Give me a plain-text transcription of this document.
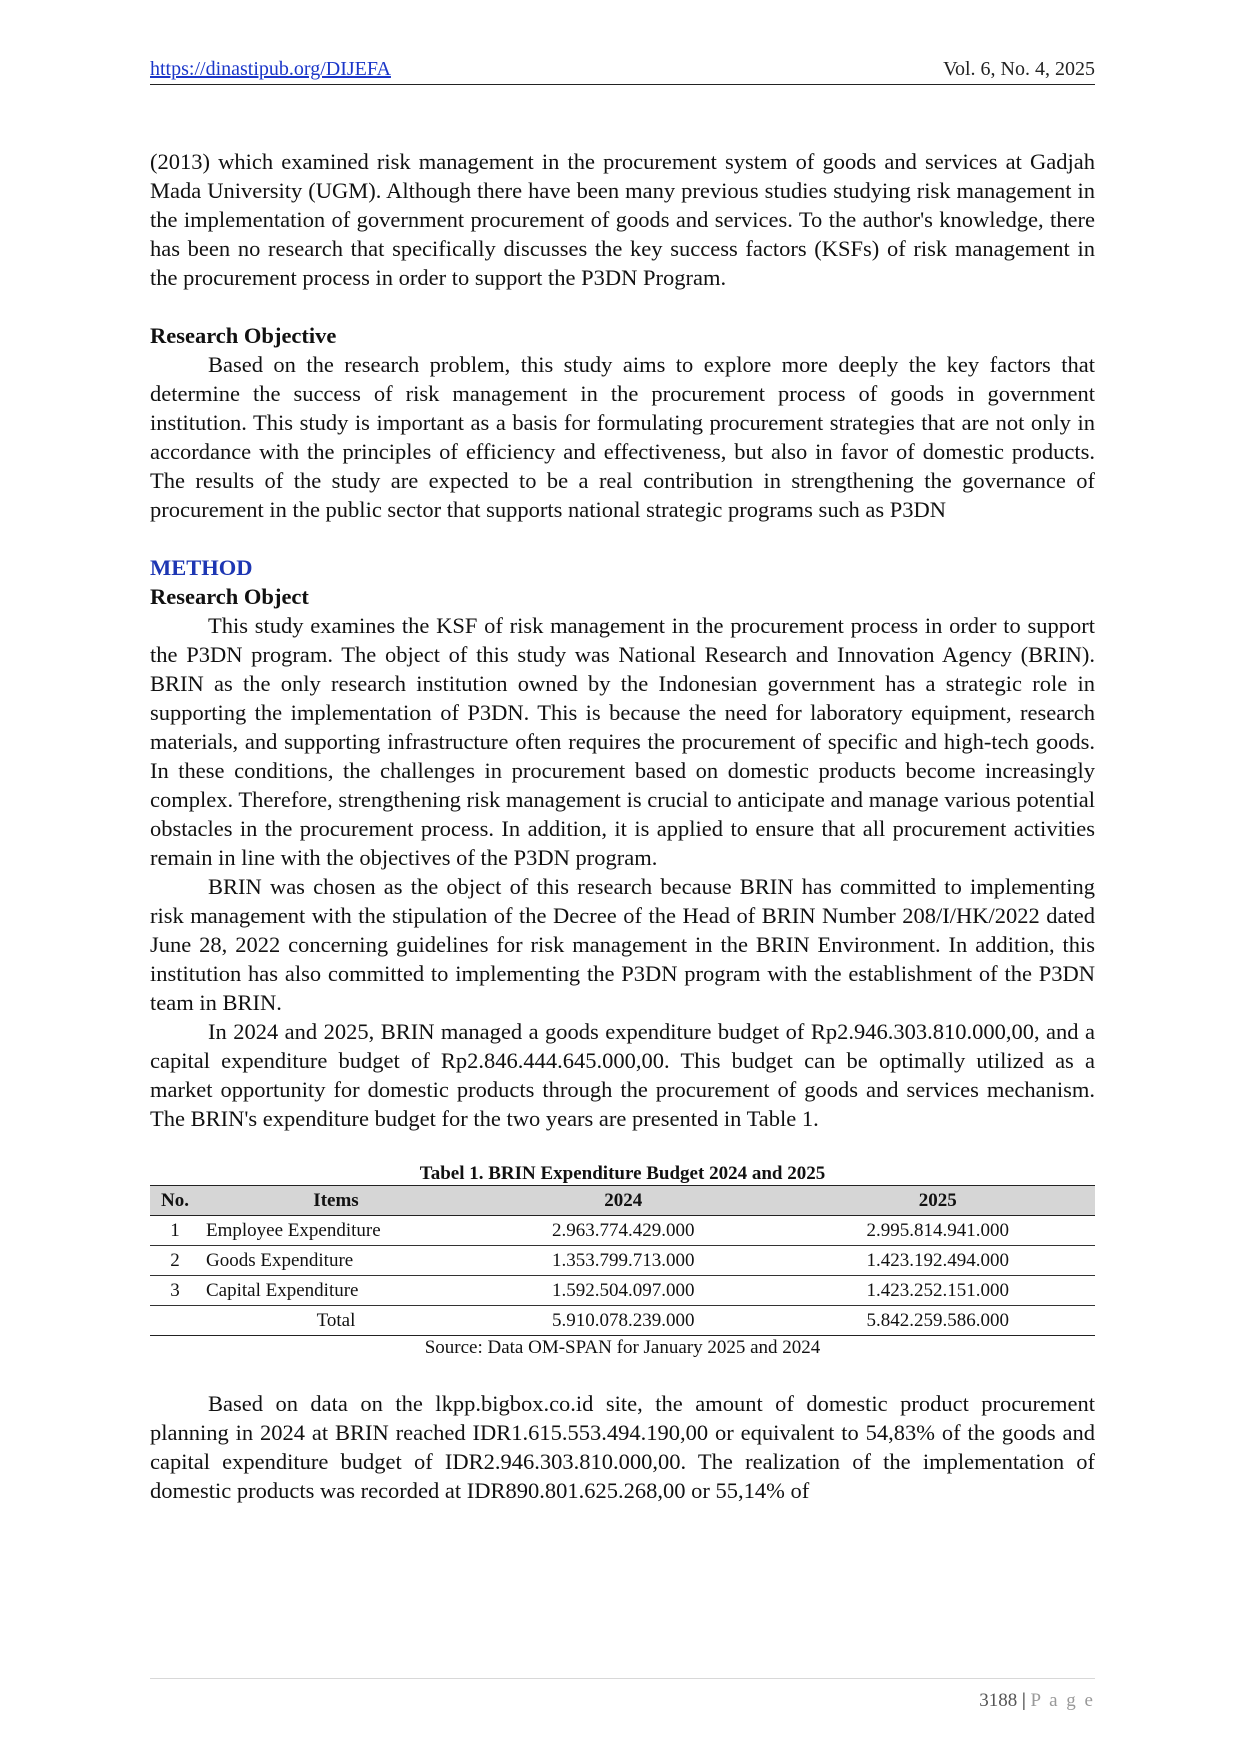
https://dinastipub.org/DIJEFA	Vol. 6, No. 4, 2025

(2013) which examined risk management in the procurement system of goods and services at Gadjah Mada University (UGM). Although there have been many previous studies studying risk management in the implementation of government procurement of goods and services. To the author's knowledge, there has been no research that specifically discusses the key success factors (KSFs) of risk management in the procurement process in order to support the P3DN Program.

Research Objective

Based on the research problem, this study aims to explore more deeply the key factors that determine the success of risk management in the procurement process of goods in government institution. This study is important as a basis for formulating procurement strategies that are not only in accordance with the principles of efficiency and effectiveness, but also in favor of domestic products. The results of the study are expected to be a real contribution in strengthening the governance of procurement in the public sector that supports national strategic programs such as P3DN

METHOD

Research Object

This study examines the KSF of risk management in the procurement process in order to support the P3DN program. The object of this study was National Research and Innovation Agency (BRIN). BRIN as the only research institution owned by the Indonesian government has a strategic role in supporting the implementation of P3DN. This is because the need for laboratory equipment, research materials, and supporting infrastructure often requires the procurement of specific and high-tech goods. In these conditions, the challenges in procurement based on domestic products become increasingly complex. Therefore, strengthening risk management is crucial to anticipate and manage various potential obstacles in the procurement process. In addition, it is applied to ensure that all procurement activities remain in line with the objectives of the P3DN program.

BRIN was chosen as the object of this research because BRIN has committed to implementing risk management with the stipulation of the Decree of the Head of BRIN Number 208/I/HK/2022 dated June 28, 2022 concerning guidelines for risk management in the BRIN Environment. In addition, this institution has also committed to implementing the P3DN program with the establishment of the P3DN team in BRIN.

In 2024 and 2025, BRIN managed a goods expenditure budget of Rp2.946.303.810.000,00, and a capital expenditure budget of Rp2.846.444.645.000,00. This budget can be optimally utilized as a market opportunity for domestic products through the procurement of goods and services mechanism. The BRIN's expenditure budget for the two years are presented in Table 1.

Tabel 1. BRIN Expenditure Budget 2024 and 2025
No.	Items	2024	2025
1	Employee Expenditure	2.963.774.429.000	2.995.814.941.000
2	Goods Expenditure	1.353.799.713.000	1.423.192.494.000
3	Capital Expenditure	1.592.504.097.000	1.423.252.151.000
	Total	5.910.078.239.000	5.842.259.586.000
Source: Data OM-SPAN for January 2025 and 2024

Based on data on the lkpp.bigbox.co.id site, the amount of domestic product procurement planning in 2024 at BRIN reached IDR1.615.553.494.190,00 or equivalent to 54,83% of the goods and capital expenditure budget of IDR2.946.303.810.000,00. The realization of the implementation of domestic products was recorded at IDR890.801.625.268,00 or 55,14% of

3188 | P a g e
